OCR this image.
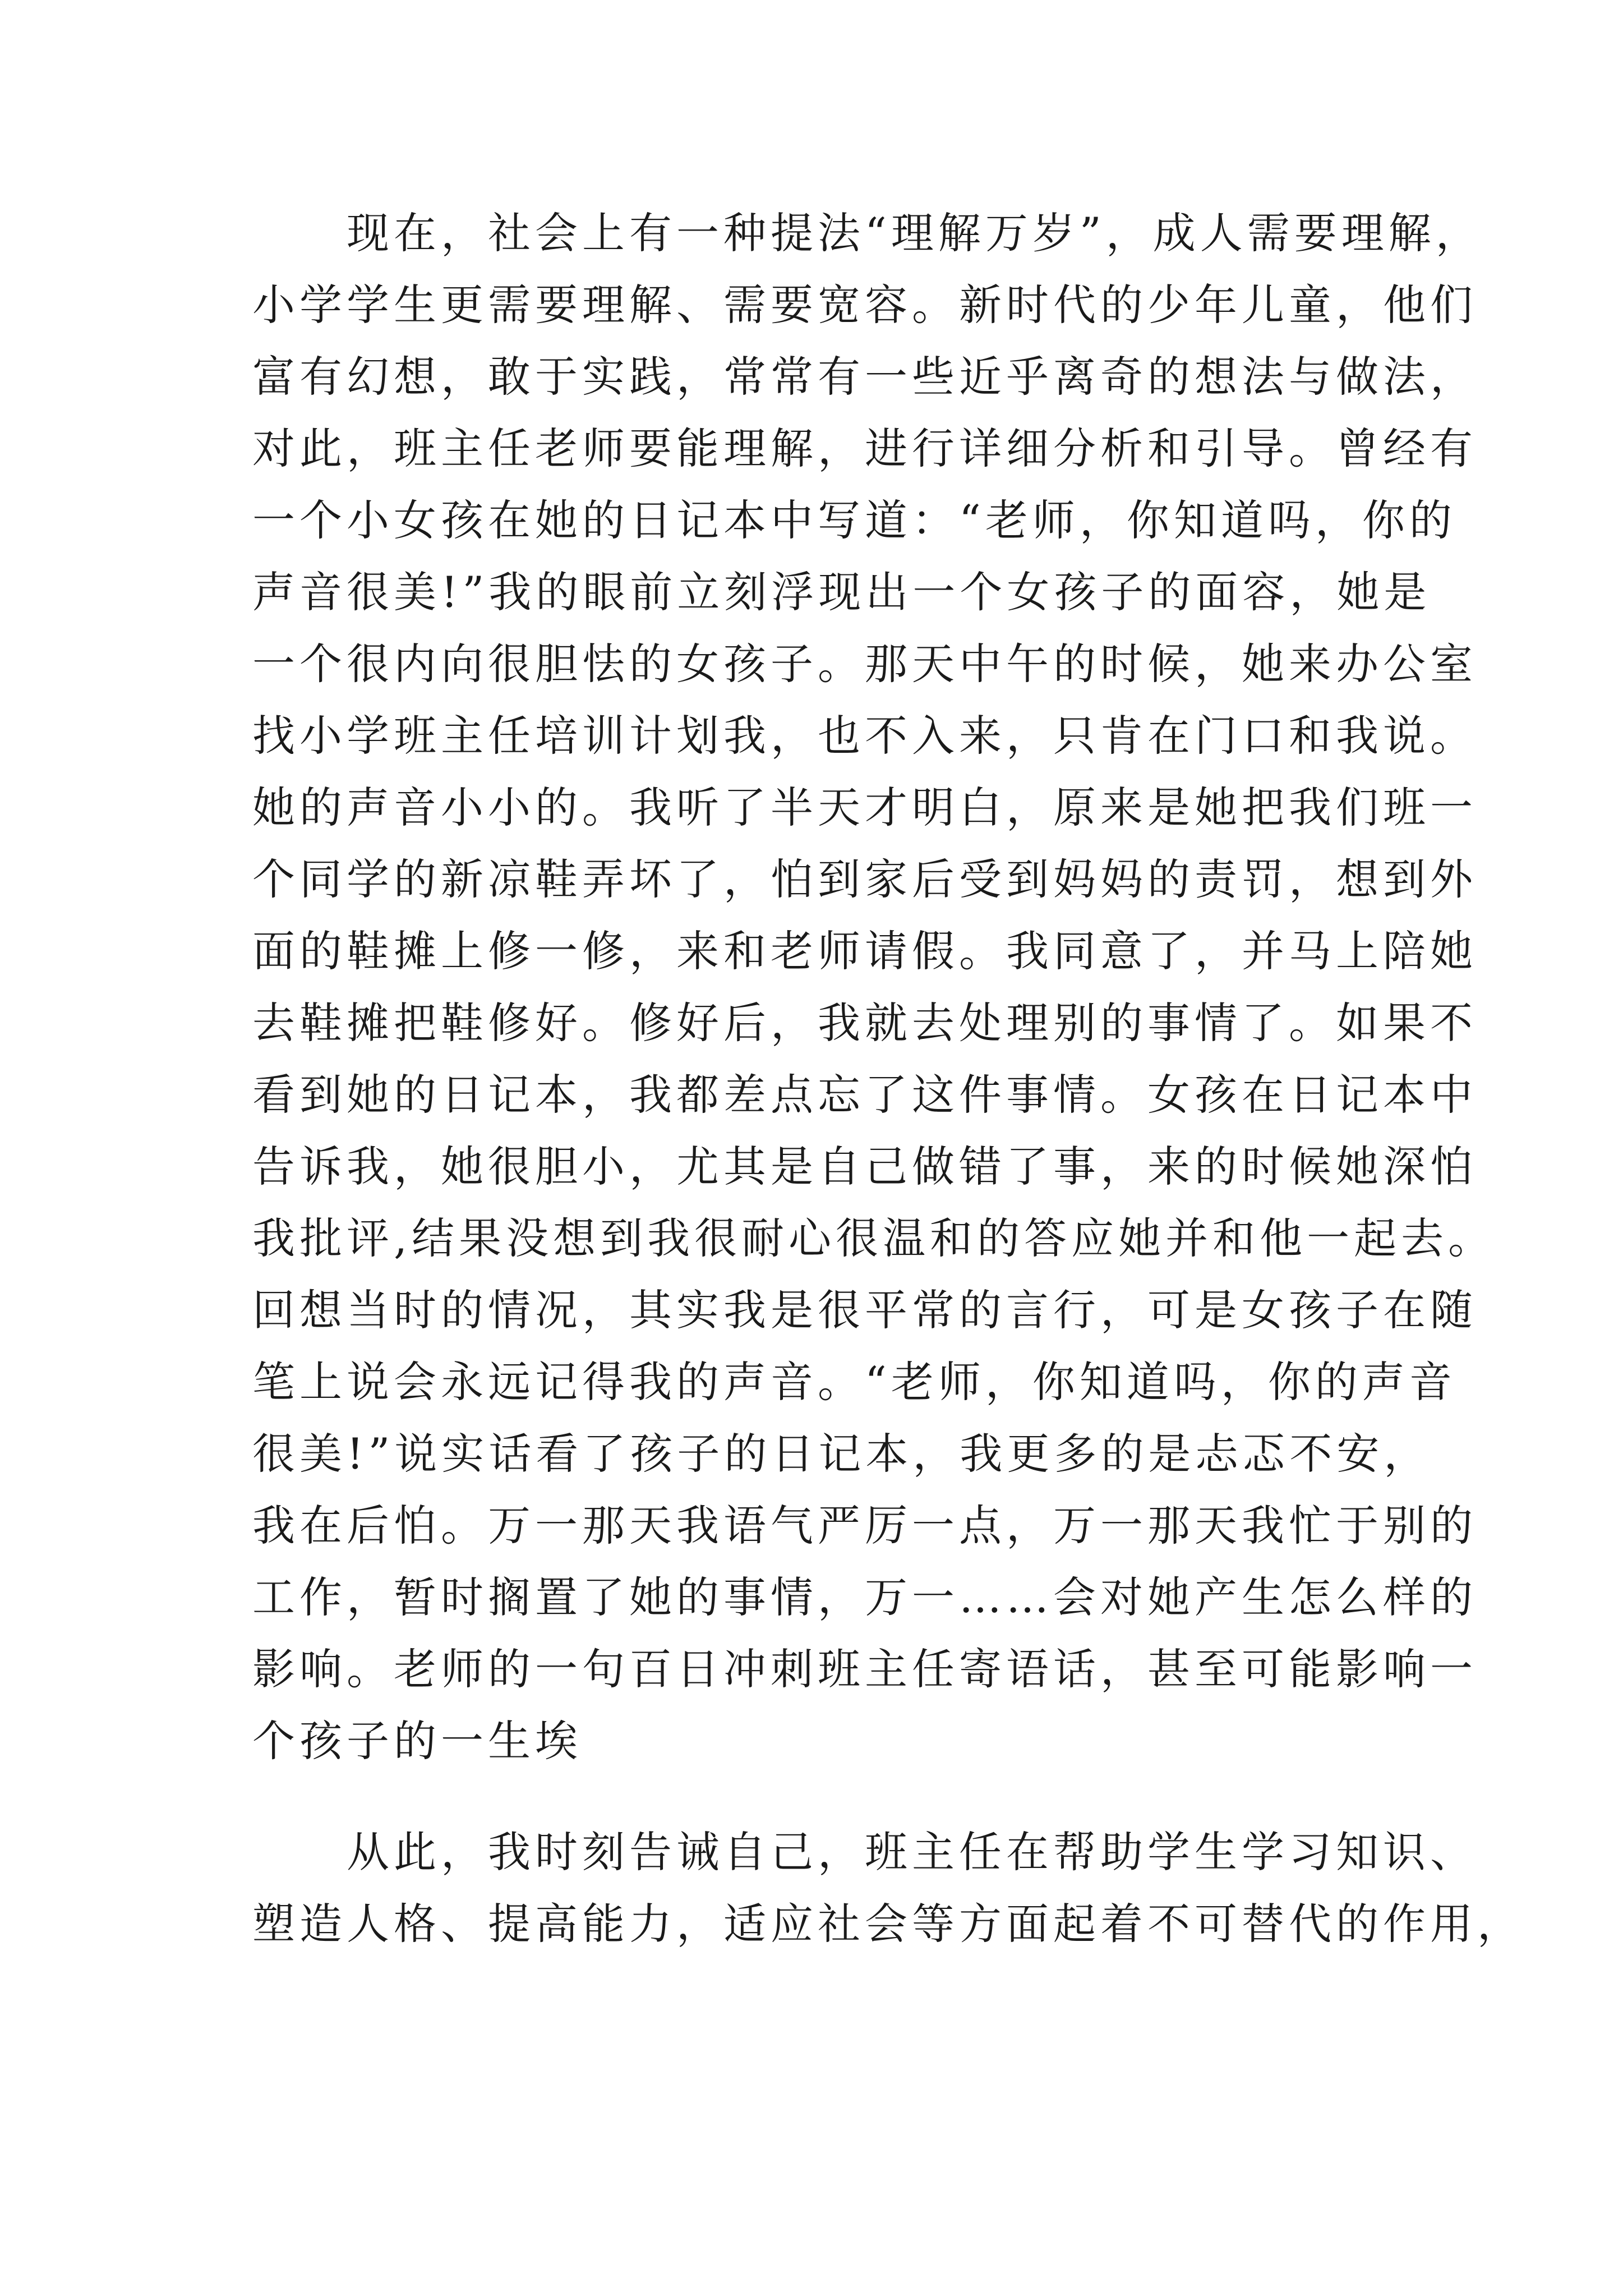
　　现在，社会上有一种提法“理解万岁”，成人需要理解，
小学学生更需要理解、需要宽容。新时代的少年儿童，他们
富有幻想，敢于实践，常常有一些近乎离奇的想法与做法，
对此，班主任老师要能理解，进行详细分析和引导。曾经有
一个小女孩在她的日记本中写道：“老师，你知道吗，你的
声音很美!”我的眼前立刻浮现出一个女孩子的面容，她是
一个很内向很胆怯的女孩子。那天中午的时候，她来办公室
找小学班主任培训计划我，也不入来，只肯在门口和我说。
她的声音小小的。我听了半天才明白，原来是她把我们班一
个同学的新凉鞋弄坏了，怕到家后受到妈妈的责罚，想到外
面的鞋摊上修一修，来和老师请假。我同意了，并马上陪她
去鞋摊把鞋修好。修好后，我就去处理别的事情了。如果不
看到她的日记本，我都差点忘了这件事情。女孩在日记本中
告诉我，她很胆小，尤其是自己做错了事，来的时候她深怕
我批评,结果没想到我很耐心很温和的答应她并和他一起去。
回想当时的情况，其实我是很平常的言行，可是女孩子在随
笔上说会永远记得我的声音。“老师，你知道吗，你的声音
很美!”说实话看了孩子的日记本，我更多的是忐忑不安，
我在后怕。万一那天我语气严厉一点，万一那天我忙于别的
工作，暂时搁置了她的事情，万一……会对她产生怎么样的
影响。老师的一句百日冲刺班主任寄语话，甚至可能影响一
个孩子的一生埃
　　从此，我时刻告诫自己，班主任在帮助学生学习知识、
塑造人格、提高能力，适应社会等方面起着不可替代的作用，
